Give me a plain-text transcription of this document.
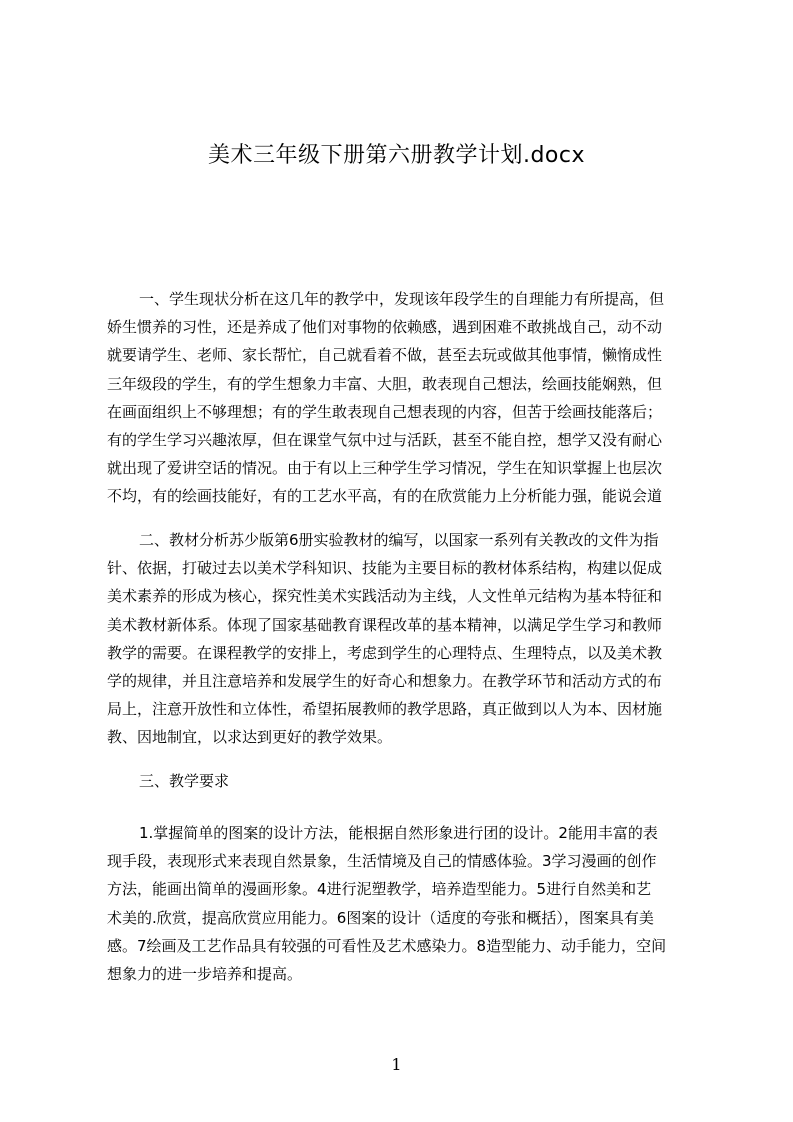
美术三年级下册第六册教学计划.docx
一、学生现状分析在这几年的教学中，发现该年段学生的自理能力有所提高，但
娇生惯养的习性，还是养成了他们对事物的依赖感，遇到困难不敢挑战自己，动不动
就要请学生、老师、家长帮忙，自己就看着不做，甚至去玩或做其他事情，懒惰成性
三年级段的学生，有的学生想象力丰富、大胆，敢表现自己想法，绘画技能娴熟，但
在画面组织上不够理想；有的学生敢表现自己想表现的内容，但苦于绘画技能落后；
有的学生学习兴趣浓厚，但在课堂气氛中过与活跃，甚至不能自控，想学又没有耐心
就出现了爱讲空话的情况。由于有以上三种学生学习情况，学生在知识掌握上也层次
不均，有的绘画技能好，有的工艺水平高，有的在欣赏能力上分析能力强，能说会道
二、教材分析苏少版第6册实验教材的编写，以国家一系列有关教改的文件为指
针、依据，打破过去以美术学科知识、技能为主要目标的教材体系结构，构建以促成
美术素养的形成为核心，探究性美术实践活动为主线，人文性单元结构为基本特征和
美术教材新体系。体现了国家基础教育课程改革的基本精神，以满足学生学习和教师
教学的需要。在课程教学的安排上，考虑到学生的心理特点、生理特点，以及美术教
学的规律，并且注意培养和发展学生的好奇心和想象力。在教学环节和活动方式的布
局上，注意开放性和立体性，希望拓展教师的教学思路，真正做到以人为本、因材施
教、因地制宜，以求达到更好的教学效果。
三、教学要求
1.掌握简单的图案的设计方法，能根据自然形象进行团的设计。2能用丰富的表
现手段，表现形式来表现自然景象，生活情境及自己的情感体验。3学习漫画的创作
方法，能画出简单的漫画形象。4进行泥塑教学，培养造型能力。5进行自然美和艺
术美的.欣赏，提高欣赏应用能力。6图案的设计（适度的夸张和概括），图案具有美
感。7绘画及工艺作品具有较强的可看性及艺术感染力。8造型能力、动手能力，空间
想象力的进一步培养和提高。
1
